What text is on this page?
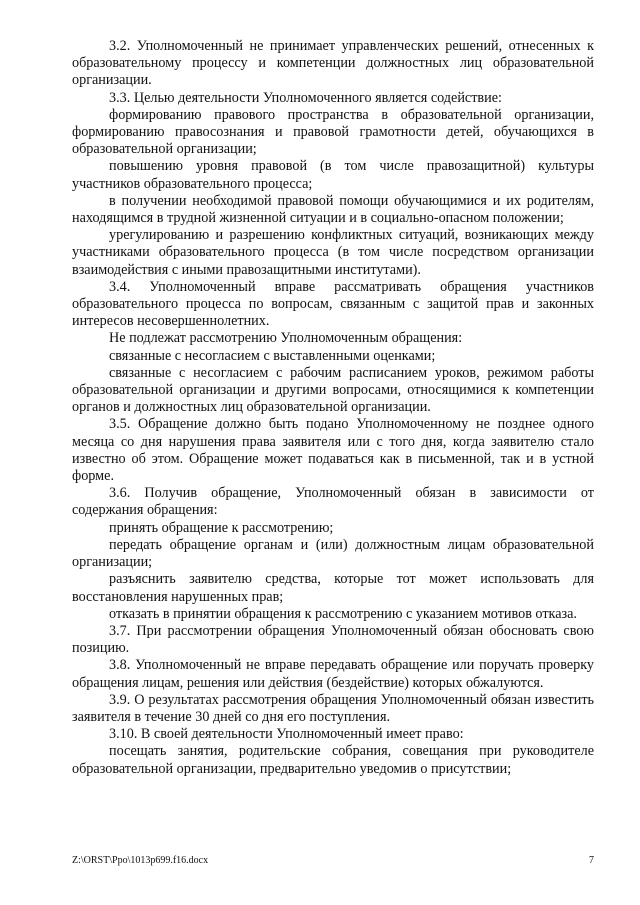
3.2. Уполномоченный не принимает управленческих решений, отнесенных к образовательному процессу и компетенции должностных лиц образовательной организации.

3.3. Целью деятельности Уполномоченного является содействие:

формированию правового пространства в образовательной организации, формированию правосознания и правовой грамотности детей, обучающихся в образовательной организации;

повышению уровня правовой (в том числе правозащитной) культуры участников образовательного процесса;

в получении необходимой правовой помощи обучающимися и их родителям, находящимся в трудной жизненной ситуации и в социально-опасном положении;

урегулированию и разрешению конфликтных ситуаций, возникающих между участниками образовательного процесса (в том числе посредством организации взаимодействия с иными правозащитными институтами).

3.4. Уполномоченный вправе рассматривать обращения участников образовательного процесса по вопросам, связанным с защитой прав и законных интересов несовершеннолетних.

Не подлежат рассмотрению Уполномоченным обращения:

связанные с несогласием с выставленными оценками;

связанные с несогласием с рабочим расписанием уроков, режимом работы образовательной организации и другими вопросами, относящимися к компетенции органов и должностных лиц образовательной организации.

3.5. Обращение должно быть подано Уполномоченному не позднее одного месяца со дня нарушения права заявителя или с того дня, когда заявителю стало известно об этом. Обращение может подаваться как в письменной, так и в устной форме.

3.6. Получив обращение, Уполномоченный обязан в зависимости от содержания обращения:

принять обращение к рассмотрению;

передать обращение органам и (или) должностным лицам образовательной организации;

разъяснить заявителю средства, которые тот может использовать для восстановления нарушенных прав;

отказать в принятии обращения к рассмотрению с указанием мотивов отказа.

3.7. При рассмотрении обращения Уполномоченный обязан обосновать свою позицию.

3.8. Уполномоченный не вправе передавать обращение или поручать проверку обращения лицам, решения или действия (бездействие) которых обжалуются.

3.9. О результатах рассмотрения обращения Уполномоченный обязан известить заявителя в течение 30 дней со дня его поступления.

3.10. В своей деятельности Уполномоченный имеет право:

посещать занятия, родительские собрания, совещания при руководителе образовательной организации, предварительно уведомив о присутствии;

Z:\ORST\Ppo\1013p699.f16.docx	7
